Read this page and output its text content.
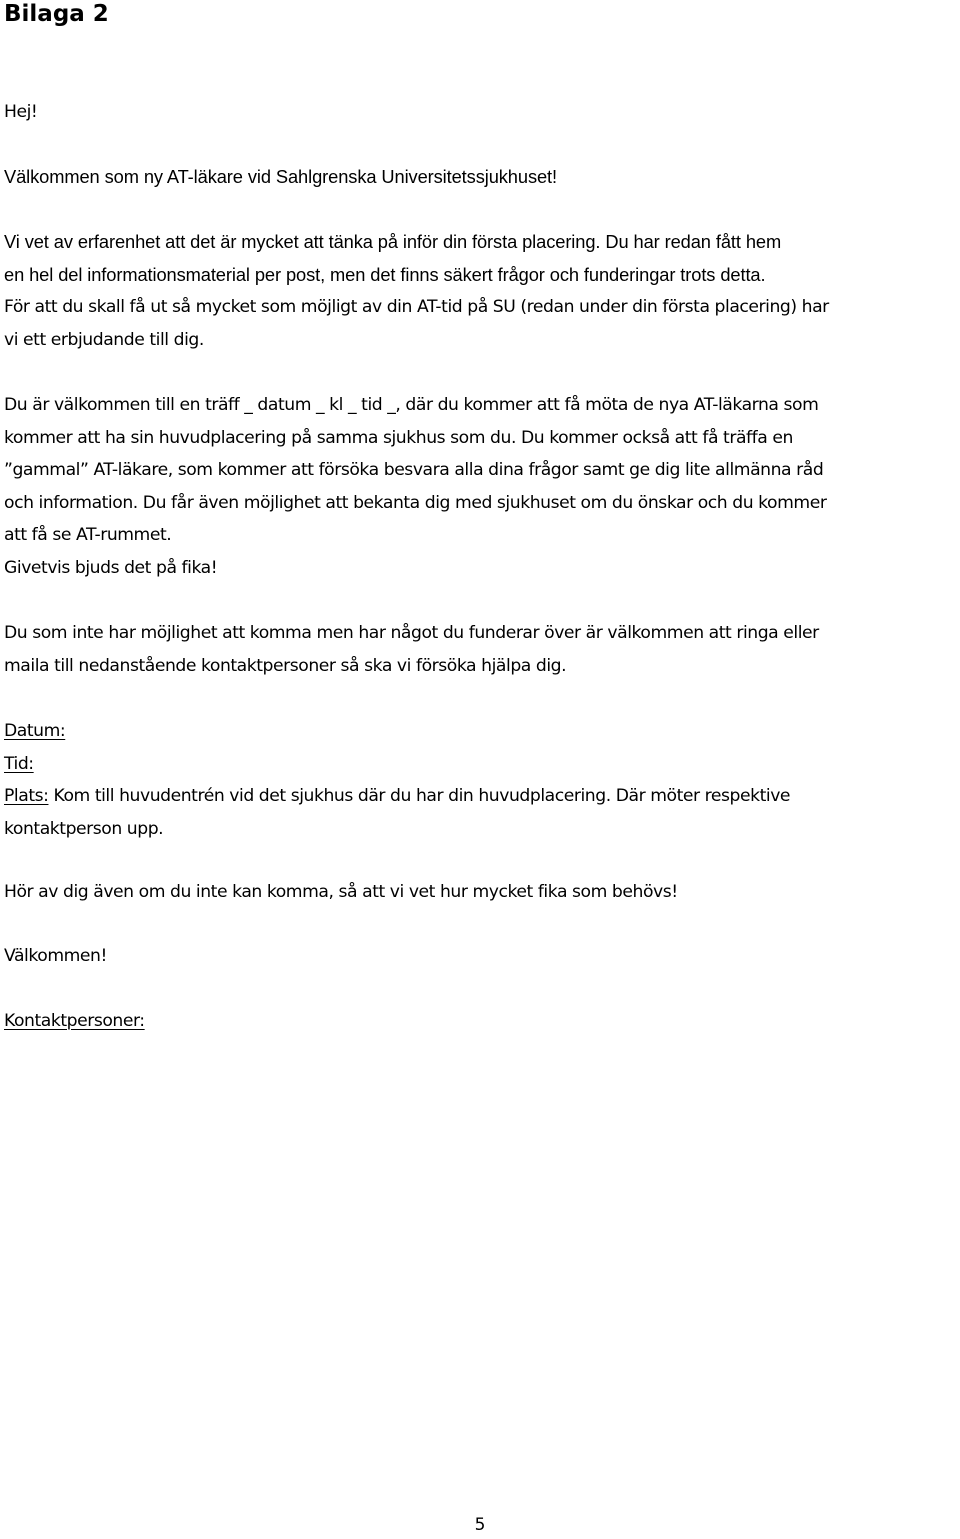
Bilaga 2

Hej!

Välkommen som ny AT-läkare vid Sahlgrenska Universitetssjukhuset!

Vi vet av erfarenhet att det är mycket att tänka på inför din första placering. Du har redan fått hem
en hel del informationsmaterial per post, men det finns säkert frågor och funderingar trots detta.
För att du skall få ut så mycket som möjligt av din AT-tid på SU (redan under din första placering) har
vi ett erbjudande till dig.
Du är välkommen till en träff _ datum _ kl _ tid _, där du kommer att få möta de nya AT-läkarna som
kommer att ha sin huvudplacering på samma sjukhus som du. Du kommer också att få träffa en
”gammal” AT-läkare, som kommer att försöka besvara alla dina frågor samt ge dig lite allmänna råd
och information. Du får även möjlighet att bekanta dig med sjukhuset om du önskar och du kommer
att få se AT-rummet.
Givetvis bjuds det på fika!
Du som inte har möjlighet att komma men har något du funderar över är välkommen att ringa eller
maila till nedanstående kontaktpersoner så ska vi försöka hjälpa dig.
Datum:
Tid:
Plats: Kom till huvudentrén vid det sjukhus där du har din huvudplacering. Där möter respektive
kontaktperson upp.

Hör av dig även om du inte kan komma, så att vi vet hur mycket fika som behövs!

Välkommen!

Kontaktpersoner:

5
